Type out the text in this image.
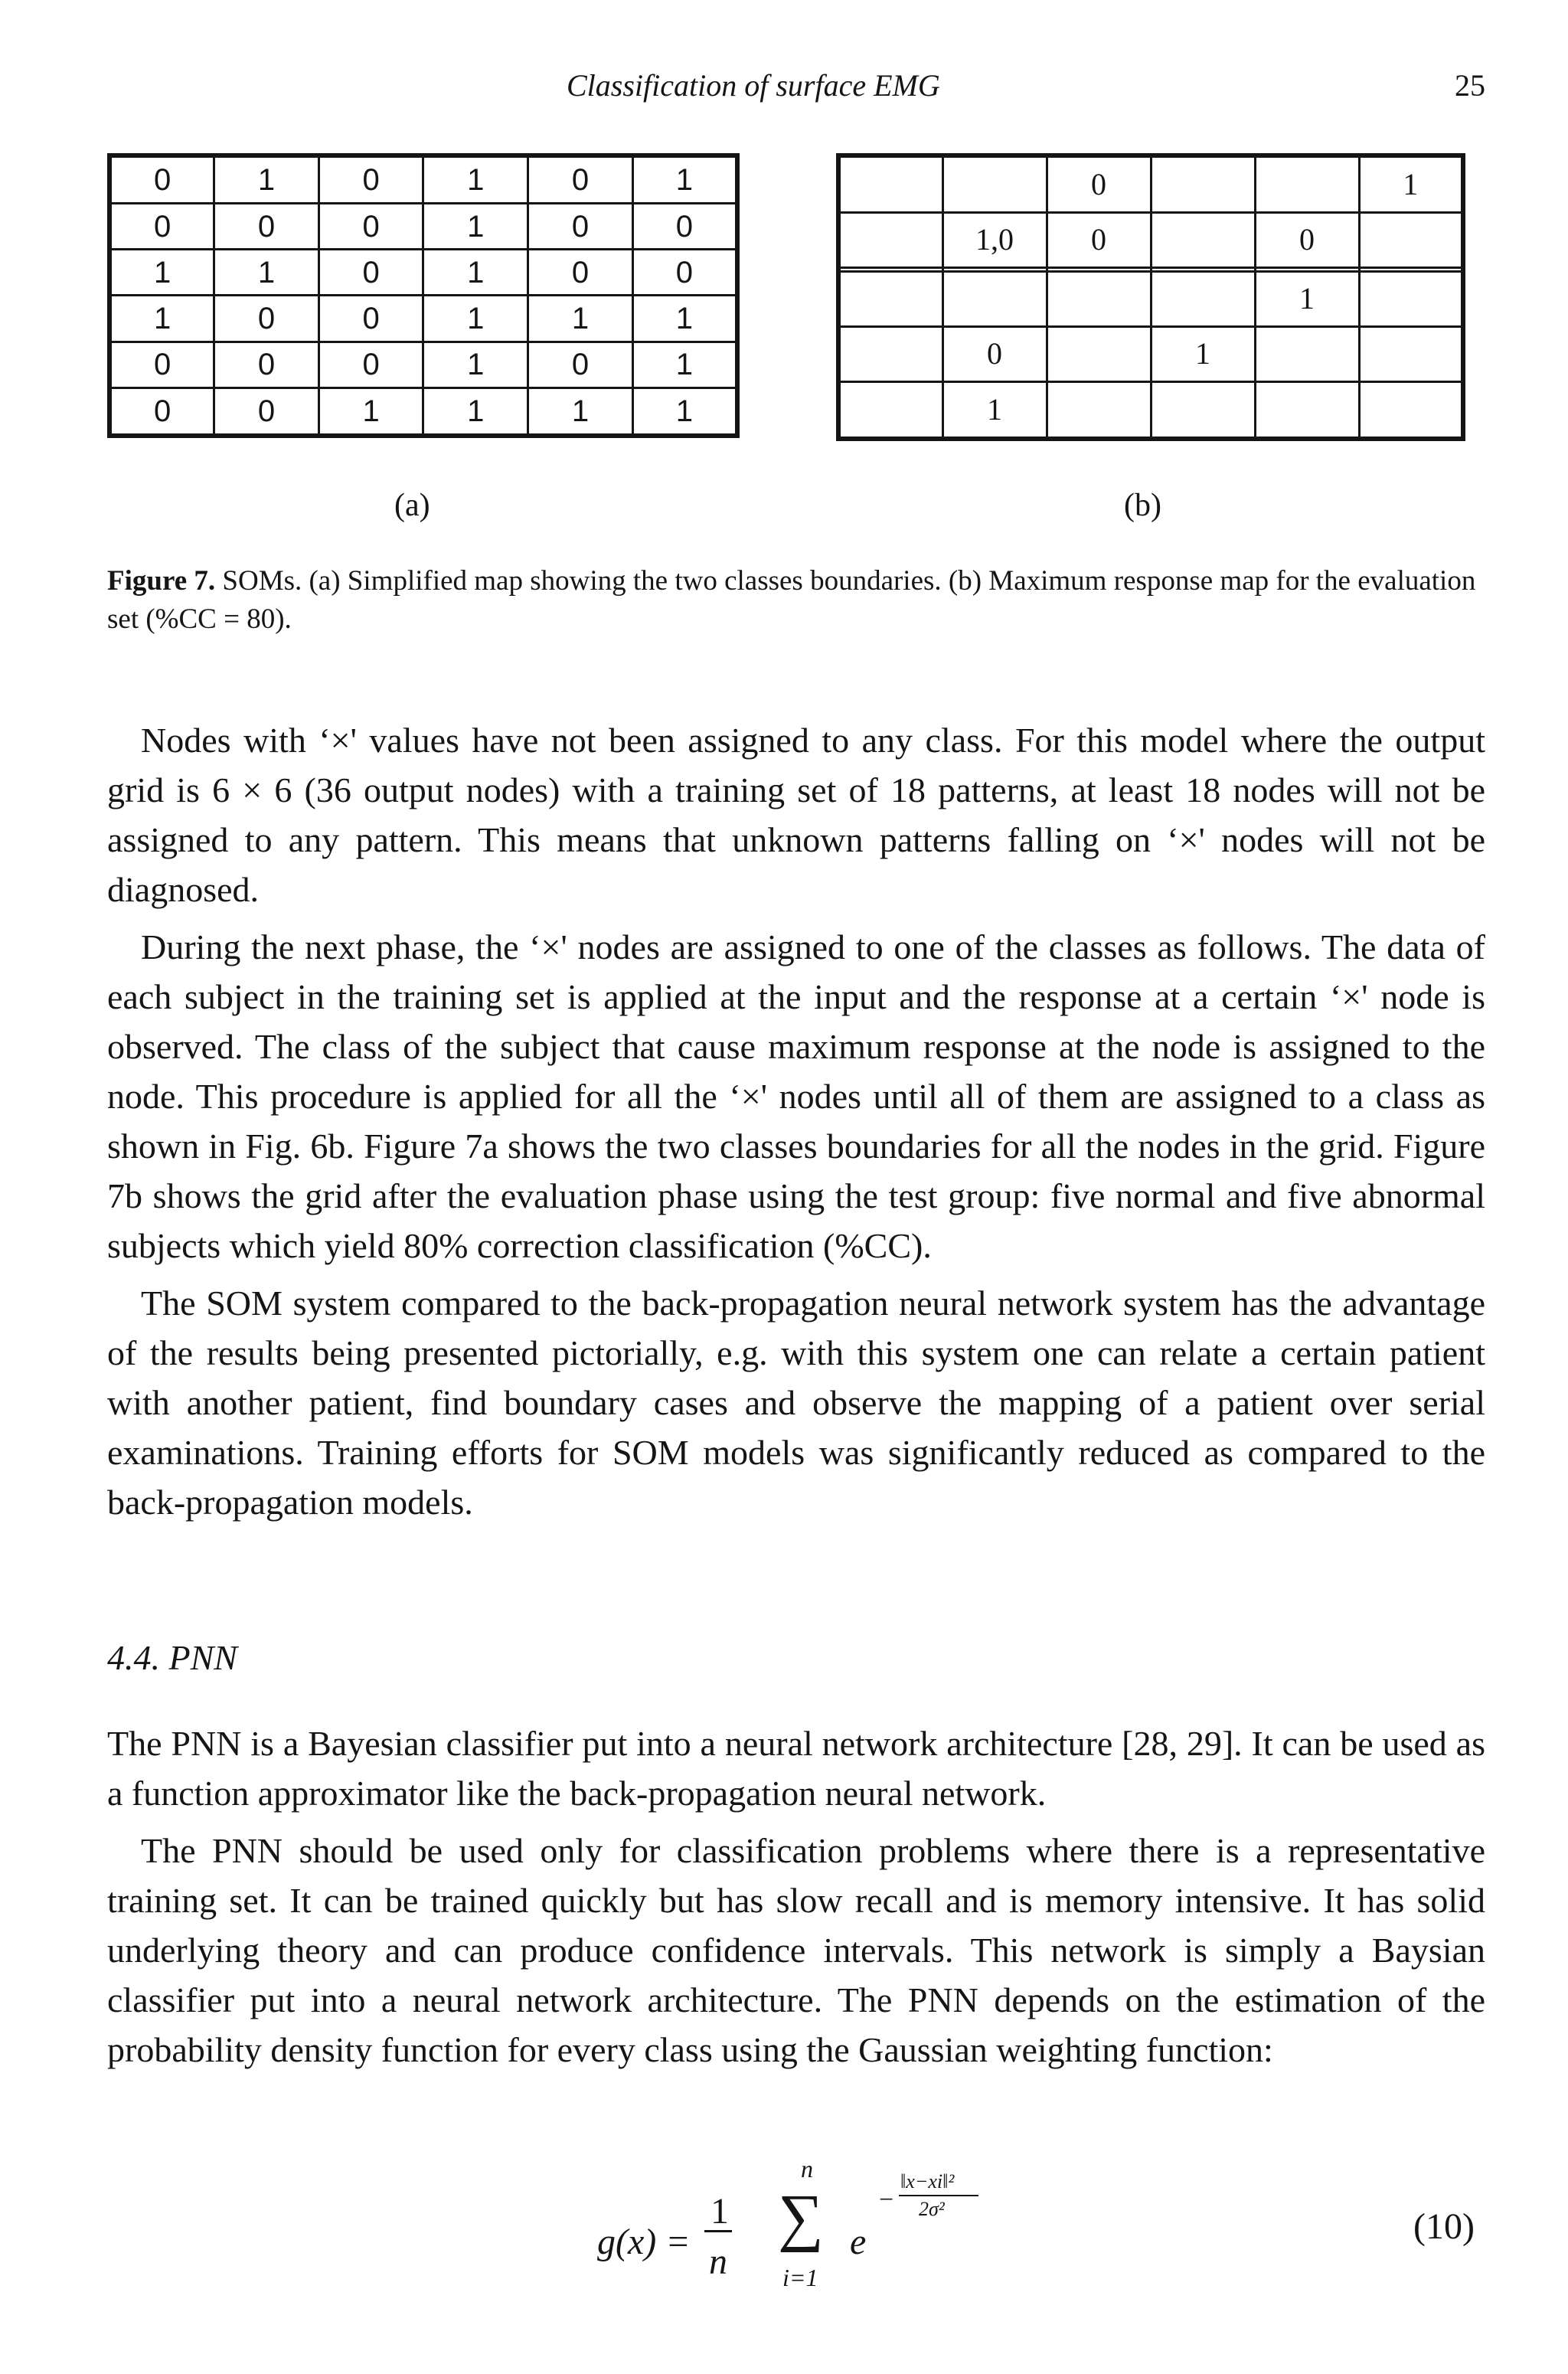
Classification of surface EMG	25
0	1	0	1	0	1
0	0	0	1	0	0
1	1	0	1	0	0
1	0	0	1	1	1
0	0	0	1	0	1
0	0	1	1	1	1
		0			1
	1,0	0		0	

				1	
	0		1		
	1				
(a)	(b)
Figure 7. SOMs. (a) Simplified map showing the two classes boundaries. (b) Maximum response map for the evaluation set (%CC = 80).

Nodes with ‘×' values have not been assigned to any class. For this model where the output grid is 6 × 6 (36 output nodes) with a training set of 18 patterns, at least 18 nodes will not be assigned to any pattern. This means that unknown patterns falling on ‘×' nodes will not be diagnosed.

During the next phase, the ‘×' nodes are assigned to one of the classes as follows. The data of each subject in the training set is applied at the input and the response at a certain ‘×' node is observed. The class of the subject that cause maximum response at the node is assigned to the node. This procedure is applied for all the ‘×' nodes until all of them are assigned to a class as shown in Fig. 6b. Figure 7a shows the two classes boundaries for all the nodes in the grid. Figure 7b shows the grid after the evaluation phase using the test group: five normal and five abnormal subjects which yield 80% correction classification (%CC).

The SOM system compared to the back-propagation neural network system has the advantage of the results being presented pictorially, e.g. with this system one can relate a certain patient with another patient, find boundary cases and observe the mapping of a patient over serial examinations. Training efforts for SOM models was significantly reduced as compared to the back-propagation models.

4.4. PNN

The PNN is a Bayesian classifier put into a neural network architecture [28, 29]. It can be used as a function approximator like the back-propagation neural network.

The PNN should be used only for classification problems where there is a representative training set. It can be trained quickly but has slow recall and is memory intensive. It has solid underlying theory and can produce confidence intervals. This network is simply a Baysian classifier put into a neural network architecture. The PNN depends on the estimation of the probability density function for every class using the Gaussian weighting function:

g(x) =
1
n
n
∑
i=1
e
−
‖x−xi‖²
2σ²	(10)
